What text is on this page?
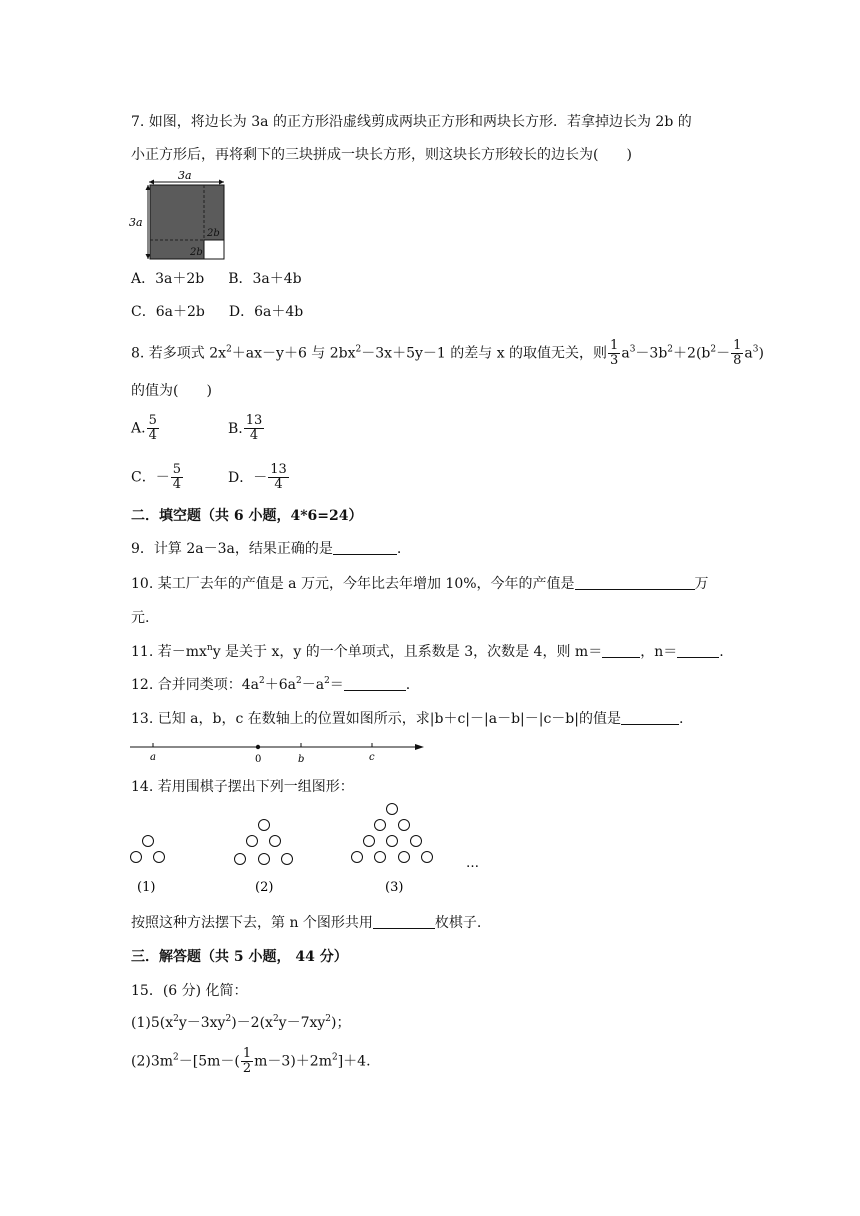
7. 如图，将边长为 3a 的正方形沿虚线剪成两块正方形和两块长方形．若拿掉边长为 2b 的
小正方形后，再将剩下的三块拼成一块长方形，则这块长方形较长的边长为(　　)
3a
3a
2b
2b
A．3a＋2b B．3a＋4b
C．6a＋2b D．6a＋4b
8. 若多项式 $2x^2+ax-y+6$ 与 $2bx^2-3x+5y-1$ 的差与 x 的取值无关，则 $\frac{1}{3} a^3-3b^2+2(b^2- \frac{1}{8} a^3)$
的值为(　　)
A. $\frac{5}{4}$	B. $\frac{13}{4}$
C．－ $\frac{5}{4}$	D．－ $\frac{13}{4}$
二．填空题（共 6 小题，4*6=24）
9．计算 2a－3a，结果正确的是	.
10. 某工厂去年的产值是 a 万元，今年比去年增加 10%，今年的产值是	万
元.
11. 若$-mx^ny$ 是关于 x，y 的一个单项式，且系数是 3，次数是 4，则 m＝	，n＝	.
12. 合并同类项：$4a^2+6a^2-a^2=$	.
13. 已知 a，b，c 在数轴上的位置如图所示，求|b＋c|－|a－b|－|c－b|的值是	.
a	0	b	c
14. 若用围棋子摆出下列一组图形：
(1)	(2)	(3)
…
按照这种方法摆下去，第 n 个图形共用	枚棋子.
三．解答题（共 5 小题， 44 分）
15．(6 分) 化简：
$(1)5(x^2y-3xy^2)-2(x^2y-7xy^2)$；
$(2)3m^2-[5m-( \frac{1}{2} m-3)+2m^2]+4$.
